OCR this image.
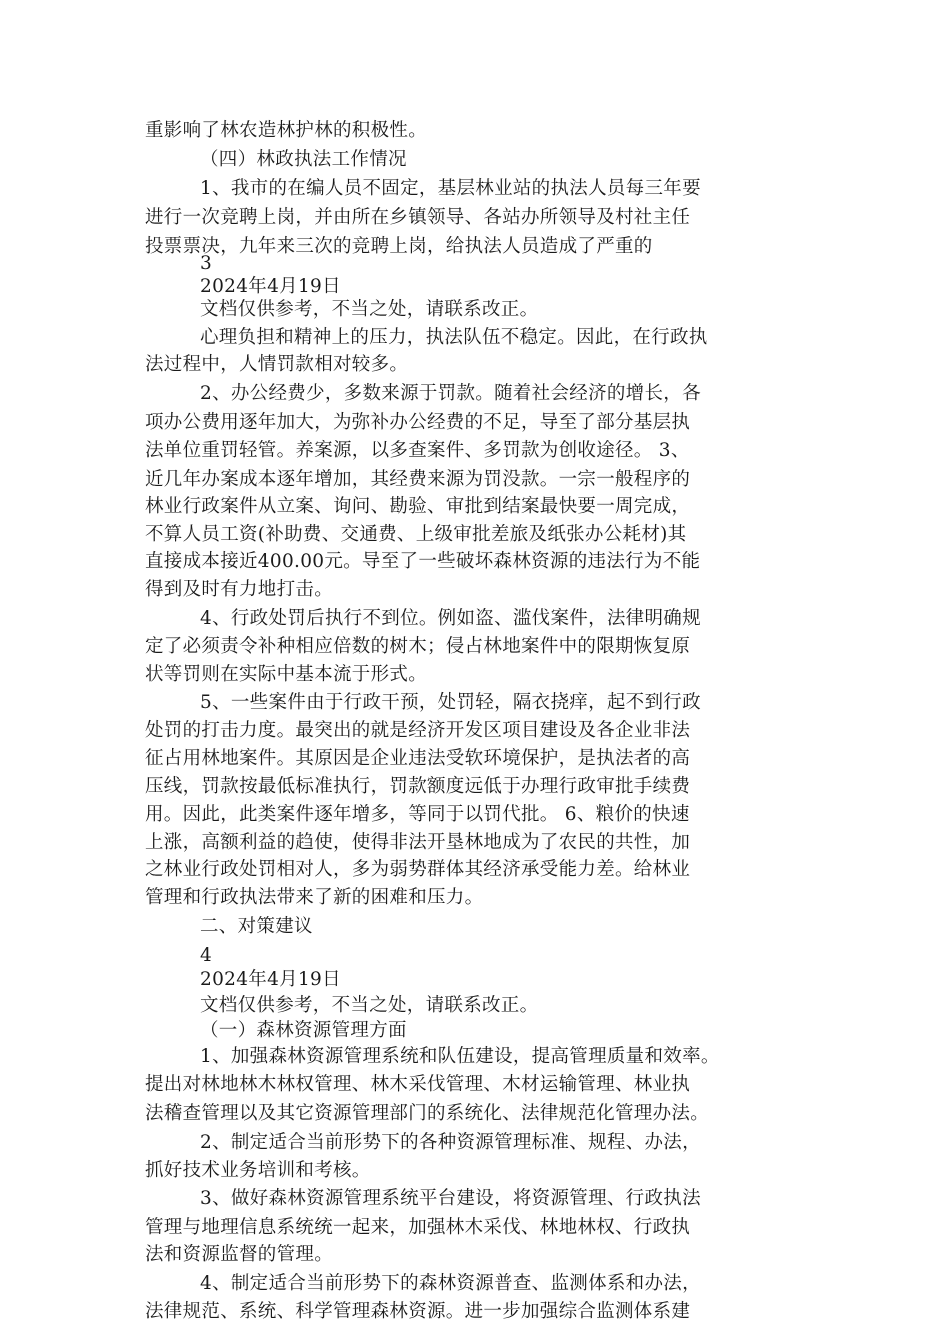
重影响了林农造林护林的积极性。
（四）林政执法工作情况
1、我市的在编人员不固定，基层林业站的执法人员每三年要
进行一次竞聘上岗，并由所在乡镇领导、各站办所领导及村社主任
投票票决，九年来三次的竞聘上岗，给执法人员造成了严重的
3
2024年4月19日
文档仅供参考，不当之处，请联系改正。
心理负担和精神上的压力，执法队伍不稳定。因此，在行政执
法过程中，人情罚款相对较多。
2、办公经费少，多数来源于罚款。随着社会经济的增长，各
项办公费用逐年加大，为弥补办公经费的不足，导至了部分基层执
法单位重罚轻管。养案源，以多查案件、多罚款为创收途径。 3、
近几年办案成本逐年增加，其经费来源为罚没款。一宗一般程序的
林业行政案件从立案、询问、勘验、审批到结案最快要一周完成，
不算人员工资(补助费、交通费、上级审批差旅及纸张办公耗材)其
直接成本接近400.00元。导至了一些破坏森林资源的违法行为不能
得到及时有力地打击。
4、行政处罚后执行不到位。例如盗、滥伐案件，法律明确规
定了必须责令补种相应倍数的树木；侵占林地案件中的限期恢复原
状等罚则在实际中基本流于形式。
5、一些案件由于行政干预，处罚轻，隔衣挠痒，起不到行政
处罚的打击力度。最突出的就是经济开发区项目建设及各企业非法
征占用林地案件。其原因是企业违法受软环境保护，是执法者的高
压线，罚款按最低标准执行，罚款额度远低于办理行政审批手续费
用。因此，此类案件逐年增多，等同于以罚代批。 6、粮价的快速
上涨，高额利益的趋使，使得非法开垦林地成为了农民的共性，加
之林业行政处罚相对人，多为弱势群体其经济承受能力差。给林业
管理和行政执法带来了新的困难和压力。
二、对策建议
4
2024年4月19日
文档仅供参考，不当之处，请联系改正。
（一）森林资源管理方面
1、加强森林资源管理系统和队伍建设，提高管理质量和效率。
提出对林地林木林权管理、林木采伐管理、木材运输管理、林业执
法稽查管理以及其它资源管理部门的系统化、法律规范化管理办法。
2、制定适合当前形势下的各种资源管理标准、规程、办法，
抓好技术业务培训和考核。
3、做好森林资源管理系统平台建设，将资源管理、行政执法
管理与地理信息系统统一起来，加强林木采伐、林地林权、行政执
法和资源监督的管理。
4、制定适合当前形势下的森林资源普查、监测体系和办法，
法律规范、系统、科学管理森林资源。进一步加强综合监测体系建
